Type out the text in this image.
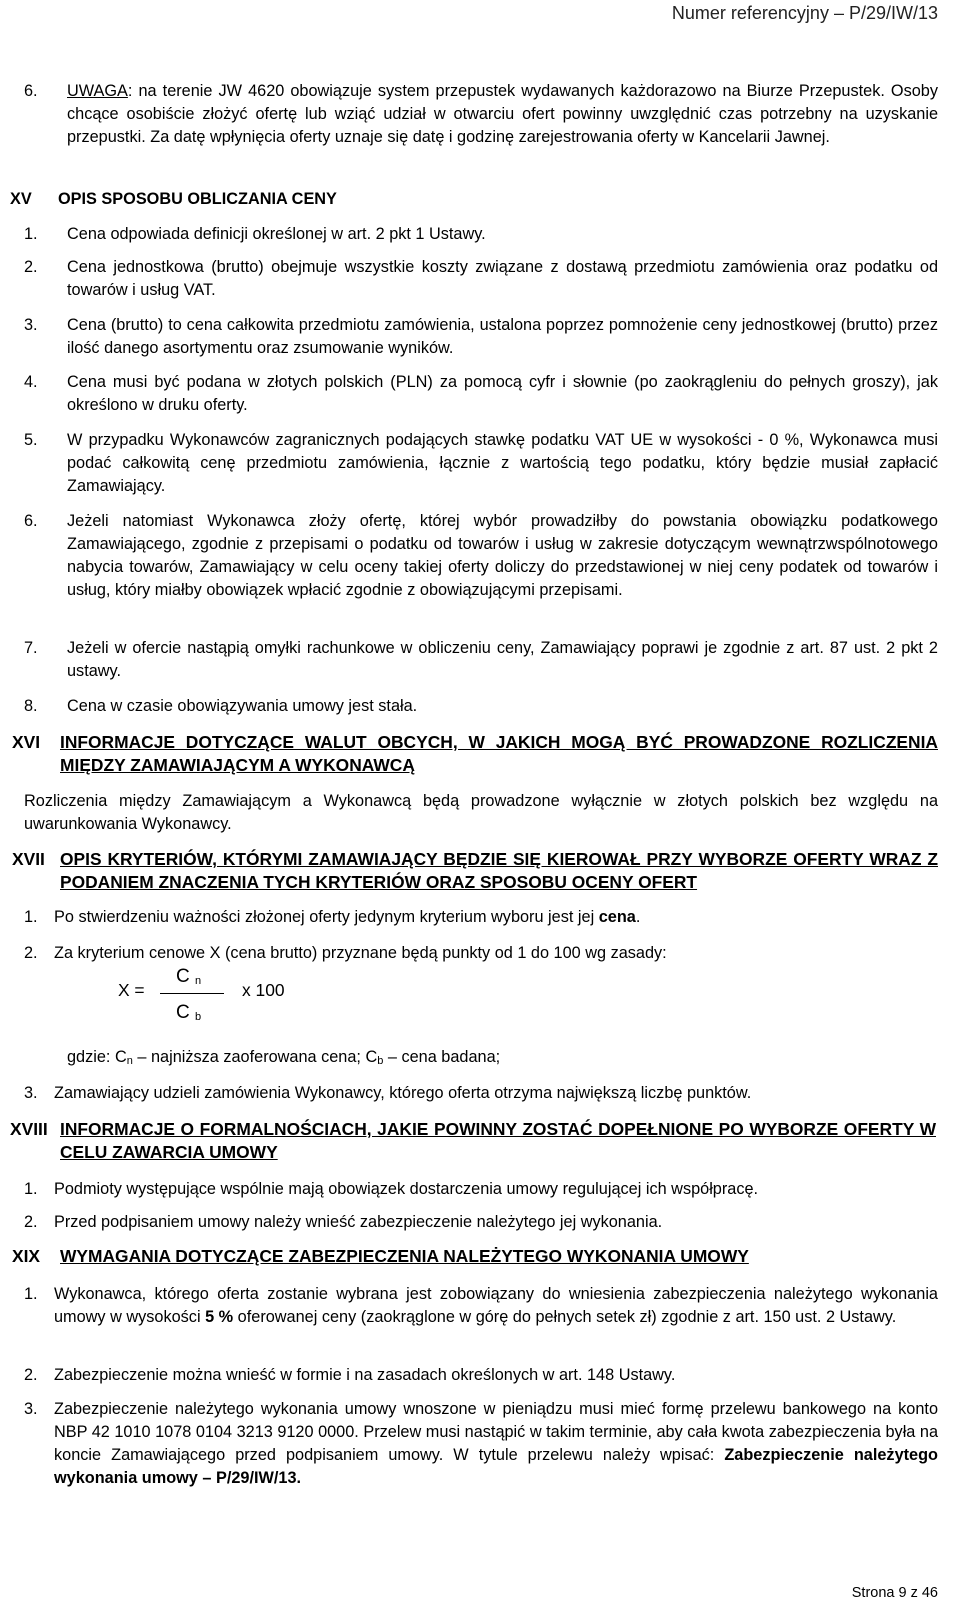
Numer referencyjny – P/29/IW/13
6. UWAGA: na terenie JW 4620 obowiązuje system przepustek wydawanych każdorazowo na Biurze Przepustek. Osoby chcące osobiście złożyć ofertę lub wziąć udział w otwarciu ofert powinny uwzględnić czas potrzebny na uzyskanie przepustki. Za datę wpłynięcia oferty uznaje się datę i godzinę zarejestrowania oferty w Kancelarii Jawnej.
XV OPIS SPOSOBU OBLICZANIA CENY
1. Cena odpowiada definicji określonej w art. 2 pkt 1 Ustawy.
2. Cena jednostkowa (brutto) obejmuje wszystkie koszty związane z dostawą przedmiotu zamówienia oraz podatku od towarów i usług VAT.
3. Cena (brutto) to cena całkowita przedmiotu zamówienia, ustalona poprzez pomnożenie ceny jednostkowej (brutto) przez ilość danego asortymentu oraz zsumowanie wyników.
4. Cena musi być podana w złotych polskich (PLN) za pomocą cyfr i słownie (po zaokrągleniu do pełnych groszy), jak określono w druku oferty.
5. W przypadku Wykonawców zagranicznych podających stawkę podatku VAT UE w wysokości - 0 %, Wykonawca musi podać całkowitą cenę przedmiotu zamówienia, łącznie z wartością tego podatku, który będzie musiał zapłacić Zamawiający.
6. Jeżeli natomiast Wykonawca złoży ofertę, której wybór prowadziłby do powstania obowiązku podatkowego Zamawiającego, zgodnie z przepisami o podatku od towarów i usług w zakresie dotyczącym wewnątrzwspólnotowego nabycia towarów, Zamawiający w celu oceny takiej oferty doliczy do przedstawionej w niej ceny podatek od towarów i usług, który miałby obowiązek wpłacić zgodnie z obowiązującymi przepisami.
7. Jeżeli w ofercie nastąpią omyłki rachunkowe w obliczeniu ceny, Zamawiający poprawi je zgodnie z art. 87 ust. 2 pkt 2 ustawy.
8. Cena w czasie obowiązywania umowy jest stała.
XVI INFORMACJE DOTYCZĄCE WALUT OBCYCH, W JAKICH MOGĄ BYĆ PROWADZONE ROZLICZENIA MIĘDZY ZAMAWIAJĄCYM A WYKONAWCĄ
Rozliczenia między Zamawiającym a Wykonawcą będą prowadzone wyłącznie w złotych polskich bez względu na uwarunkowania Wykonawcy.
XVII OPIS KRYTERIÓW, KTÓRYMI ZAMAWIAJĄCY BĘDZIE SIĘ KIEROWAŁ PRZY WYBORZE OFERTY WRAZ Z PODANIEM ZNACZENIA TYCH KRYTERIÓW ORAZ SPOSOBU OCENY OFERT
1. Po stwierdzeniu ważności złożonej oferty jedynym kryterium wyboru jest jej cena.
2. Za kryterium cenowe X (cena brutto) przyznane będą punkty od 1 do 100 wg zasady:
X =
C $_n$
C $_b$
x 100
gdzie: $C_n$ – najniższa zaoferowana cena; $C_b$ – cena badana;
3. Zamawiający udzieli zamówienia Wykonawcy, którego oferta otrzyma największą liczbę punktów.
XVIII INFORMACJE O FORMALNOŚCIACH, JAKIE POWINNY ZOSTAĆ DOPEŁNIONE PO WYBORZE OFERTY W CELU ZAWARCIA UMOWY
1. Podmioty występujące wspólnie mają obowiązek dostarczenia umowy regulującej ich współpracę.
2. Przed podpisaniem umowy należy wnieść zabezpieczenie należytego jej wykonania.
XIX WYMAGANIA DOTYCZĄCE ZABEZPIECZENIA NALEŻYTEGO WYKONANIA UMOWY
1. Wykonawca, którego oferta zostanie wybrana jest zobowiązany do wniesienia zabezpieczenia należytego wykonania umowy w wysokości 5 % oferowanej ceny (zaokrąglone w górę do pełnych setek zł) zgodnie z art. 150 ust. 2 Ustawy.
2. Zabezpieczenie można wnieść w formie i na zasadach określonych w art. 148 Ustawy.
3. Zabezpieczenie należytego wykonania umowy wnoszone w pieniądzu musi mieć formę przelewu bankowego na konto NBP 42 1010 1078 0104 3213 9120 0000. Przelew musi nastąpić w takim terminie, aby cała kwota zabezpieczenia była na koncie Zamawiającego przed podpisaniem umowy. W tytule przelewu należy wpisać: Zabezpieczenie należytego wykonania umowy – P/29/IW/13.
Strona 9 z 46
